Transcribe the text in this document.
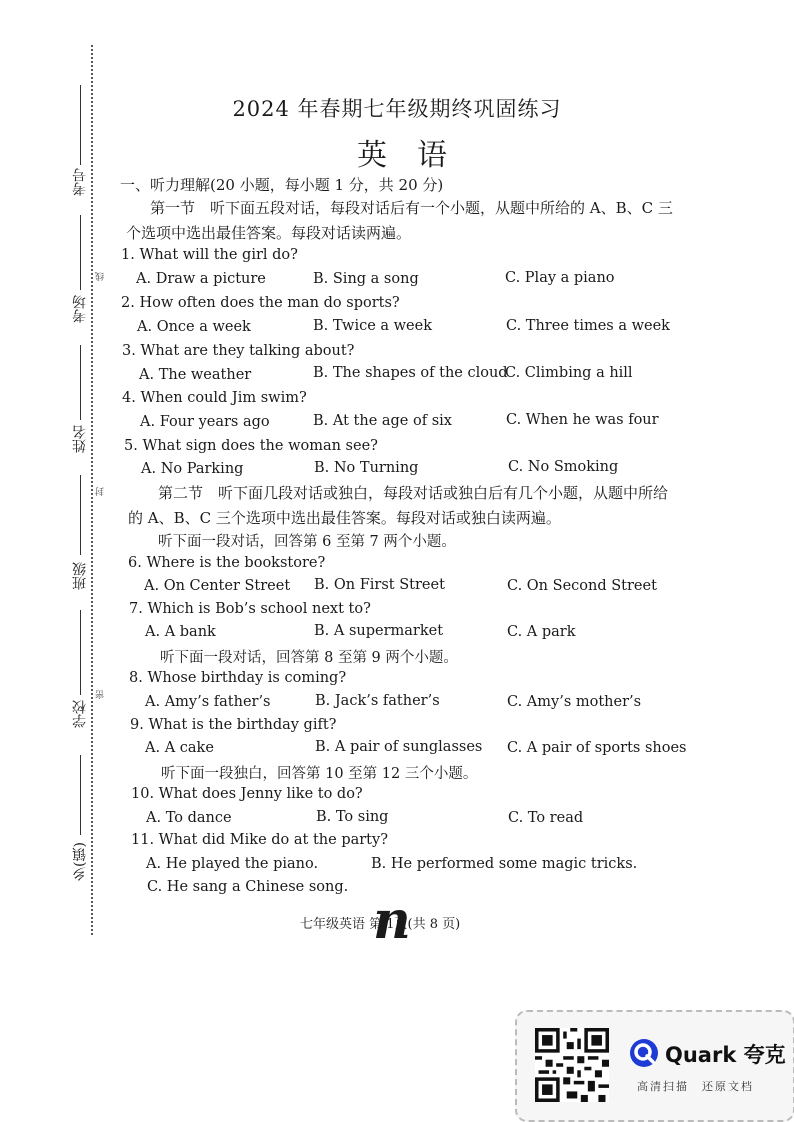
考号
考场
姓名
班级
学校
乡(镇)
线
封
密
2024 年春期七年级期终巩固练习
英语
一、听力理解(20 小题，每小题 1 分，共 20 分)
第一节　听下面五段对话，每段对话后有一个小题，从题中所给的 A、B、C 三个选项中选出最佳答案。每段对话读两遍。
1. What will the girl do?
A. Draw a picture	B. Sing a song	C. Play a piano
2. How often does the man do sports?
A. Once a week	B. Twice a week	C. Three times a week
3. What are they talking about?
A. The weather	B. The shapes of the cloud
C. Climbing a hill
4. When could Jim swim?
A. Four years ago	B. At the age of six	C. When he was four
5. What sign does the woman see?
A. No Parking	B. No Turning	C. No Smoking
第二节　听下面几段对话或独白，每段对话或独白后有几个小题，从题中所给的 A、B、C 三个选项中选出最佳答案。每段对话或独白读两遍。
听下面一段对话，回答第 6 至第 7 两个小题。
6. Where is the bookstore?
A. On Center Street B. On First Street	C. On Second Street
7. Which is Bob’s school next to?
A. A bank	B. A supermarket	C. A park
听下面一段对话，回答第 8 至第 9 两个小题。
8. Whose birthday is coming?
A. Amy’s father’s	B. Jack’s father’s	C. Amy’s mother’s
9. What is the birthday gift?
A. A cake	B. A pair of sunglasses C. A pair of sports shoes
听下面一段独白，回答第 10 至第 12 三个小题。
10. What does Jenny like to do?
A. To dance	B. To sing	C. To read
11. What did Mike do at the party?
A. He played the piano.	B. He performed some magic tricks.
C. He sang a Chinese song.
七年级英语 第 1页(共 8 页)
n
Quark 夸克
高清扫描　还原文档
